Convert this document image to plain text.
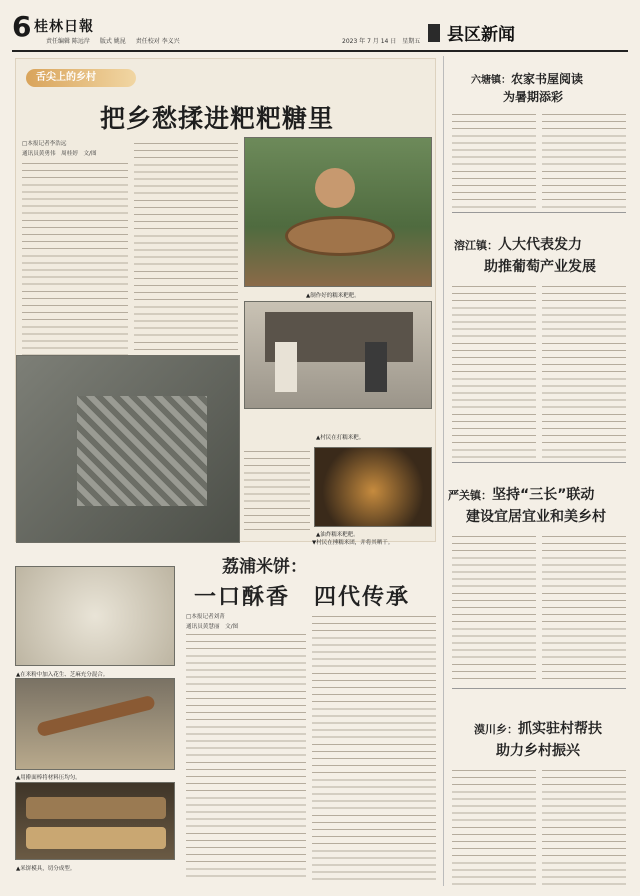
6 桂林日報
责任编辑 陈远岸 版式 姚昆 责任校对 李义兴	2023 年 7 月 14 日　星期五 县区新闻
舌尖上的乡村
把乡愁揉进粑粑糖里
□本报记者李浩远
通讯员黄勇伟　周桂婷　文/图
▲制作好的糯米粑粑。
▲村民在打糯米粑。
▲油炸糯米粑粑。
▼村民在捶糯米团，并将其晒干。
荔浦米饼：
一口酥香　四代传承
▲在米粉中加入花生、芝麻充分混合。
▲用擀面棒将材料压均匀。
▲米饼模具，切分成型。
□本报记者刘菁
通讯员黄慧丽　文/图
六塘镇：农家书屋阅读
为暑期添彩
溶江镇：人大代表发力
助推葡萄产业发展
严关镇：坚持“三长”联动
建设宜居宜业和美乡村
漠川乡：抓实驻村帮扶
助力乡村振兴
